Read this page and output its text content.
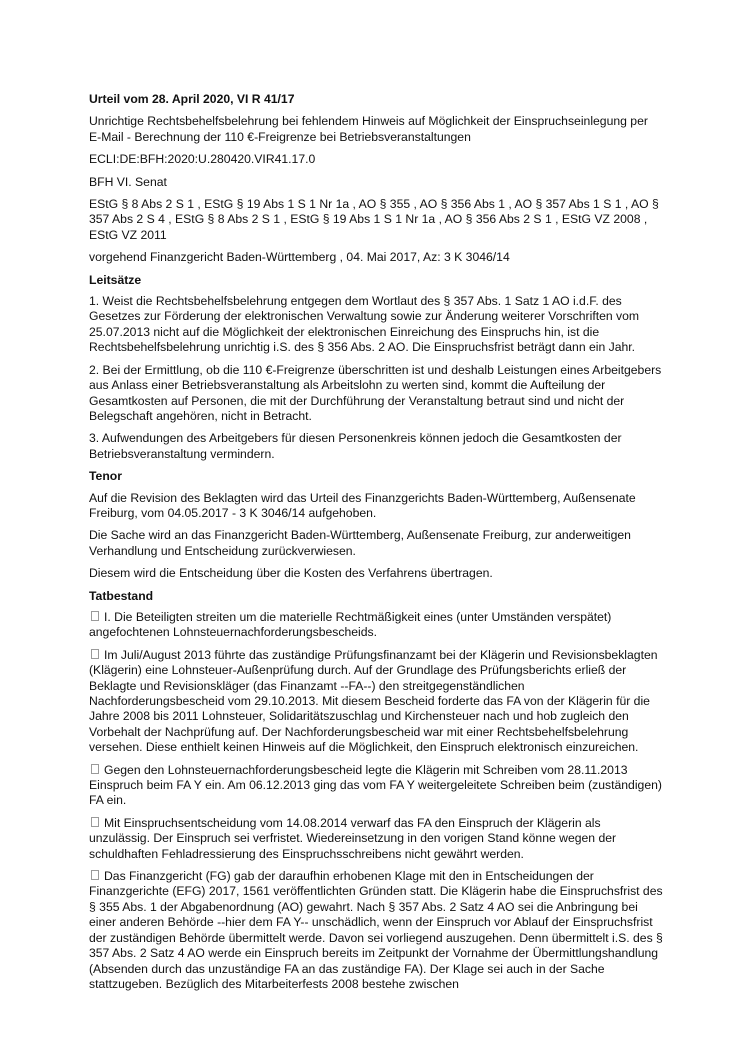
Urteil vom 28. April 2020, VI R 41/17

Unrichtige Rechtsbehelfsbelehrung bei fehlendem Hinweis auf Möglichkeit der Einspruchseinlegung per E-Mail - Berechnung der 110 €-Freigrenze bei Betriebsveranstaltungen

ECLI:DE:BFH:2020:U.280420.VIR41.17.0

BFH VI. Senat

EStG § 8 Abs 2 S 1 , EStG § 19 Abs 1 S 1 Nr 1a , AO § 355 , AO § 356 Abs 1 , AO § 357 Abs 1 S 1 , AO § 357 Abs 2 S 4 , EStG § 8 Abs 2 S 1 , EStG § 19 Abs 1 S 1 Nr 1a , AO § 356 Abs 2 S 1 , EStG VZ 2008 , EStG VZ 2011

vorgehend Finanzgericht Baden-Württemberg , 04. Mai 2017, Az: 3 K 3046/14

Leitsätze

1. Weist die Rechtsbehelfsbelehrung entgegen dem Wortlaut des § 357 Abs. 1 Satz 1 AO i.d.F. des Gesetzes zur Förderung der elektronischen Verwaltung sowie zur Änderung weiterer Vorschriften vom 25.07.2013 nicht auf die Möglichkeit der elektronischen Einreichung des Einspruchs hin, ist die Rechtsbehelfsbelehrung unrichtig i.S. des § 356 Abs. 2 AO. Die Einspruchsfrist beträgt dann ein Jahr.

2. Bei der Ermittlung, ob die 110 €-Freigrenze überschritten ist und deshalb Leistungen eines Arbeitgebers aus Anlass einer Betriebsveranstaltung als Arbeitslohn zu werten sind, kommt die Aufteilung der Gesamtkosten auf Personen, die mit der Durchführung der Veranstaltung betraut sind und nicht der Belegschaft angehören, nicht in Betracht.

3. Aufwendungen des Arbeitgebers für diesen Personenkreis können jedoch die Gesamtkosten der Betriebsveranstaltung vermindern.

Tenor

Auf die Revision des Beklagten wird das Urteil des Finanzgerichts Baden-Württemberg, Außensenate Freiburg, vom 04.05.2017 - 3 K 3046/14 aufgehoben.

Die Sache wird an das Finanzgericht Baden-Württemberg, Außensenate Freiburg, zur anderweitigen Verhandlung und Entscheidung zurückverwiesen.

Diesem wird die Entscheidung über die Kosten des Verfahrens übertragen.

Tatbestand

I. Die Beteiligten streiten um die materielle Rechtmäßigkeit eines (unter Umständen verspätet) angefochtenen Lohnsteuernachforderungsbescheids.

Im Juli/August 2013 führte das zuständige Prüfungsfinanzamt bei der Klägerin und Revisionsbeklagten (Klägerin) eine Lohnsteuer-Außenprüfung durch. Auf der Grundlage des Prüfungsberichts erließ der Beklagte und Revisionskläger (das Finanzamt --FA--) den streitgegenständlichen Nachforderungsbescheid vom 29.10.2013. Mit diesem Bescheid forderte das FA von der Klägerin für die Jahre 2008 bis 2011 Lohnsteuer, Solidaritätszuschlag und Kirchensteuer nach und hob zugleich den Vorbehalt der Nachprüfung auf. Der Nachforderungsbescheid war mit einer Rechtsbehelfsbelehrung versehen. Diese enthielt keinen Hinweis auf die Möglichkeit, den Einspruch elektronisch einzureichen.

Gegen den Lohnsteuernachforderungsbescheid legte die Klägerin mit Schreiben vom 28.11.2013 Einspruch beim FA Y ein. Am 06.12.2013 ging das vom FA Y weitergeleitete Schreiben beim (zuständigen) FA ein.

Mit Einspruchsentscheidung vom 14.08.2014 verwarf das FA den Einspruch der Klägerin als unzulässig. Der Einspruch sei verfristet. Wiedereinsetzung in den vorigen Stand könne wegen der schuldhaften Fehladressierung des Einspruchsschreibens nicht gewährt werden.

Das Finanzgericht (FG) gab der daraufhin erhobenen Klage mit den in Entscheidungen der Finanzgerichte (EFG) 2017, 1561 veröffentlichten Gründen statt. Die Klägerin habe die Einspruchsfrist des § 355 Abs. 1 der Abgabenordnung (AO) gewahrt. Nach § 357 Abs. 2 Satz 4 AO sei die Anbringung bei einer anderen Behörde --hier dem FA Y-- unschädlich, wenn der Einspruch vor Ablauf der Einspruchsfrist der zuständigen Behörde übermittelt werde. Davon sei vorliegend auszugehen. Denn übermittelt i.S. des § 357 Abs. 2 Satz 4 AO werde ein Einspruch bereits im Zeitpunkt der Vornahme der Übermittlungshandlung (Absenden durch das unzuständige FA an das zuständige FA). Der Klage sei auch in der Sache stattzugeben. Bezüglich des Mitarbeiterfests 2008 bestehe zwischen
